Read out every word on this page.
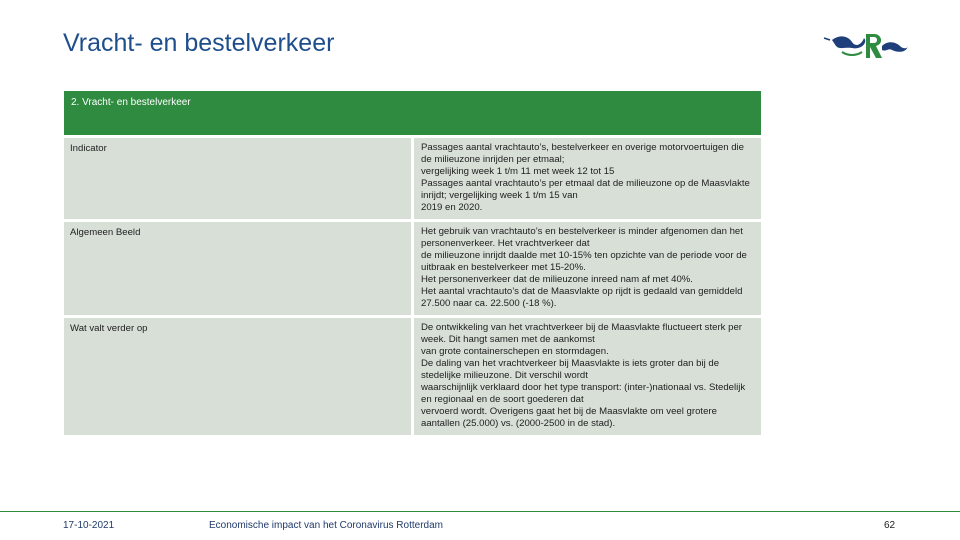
Vracht- en bestelverkeer
2. Vracht- en bestelverkeer	
Indicator	Passages aantal vrachtauto’s, bestelverkeer en overige motorvoertuigen die de milieuzone inrijden per etmaal;
vergelijking week 1 t/m 11 met week 12 tot 15
Passages aantal vrachtauto’s per etmaal dat de milieuzone op de Maasvlakte inrijdt; vergelijking week 1 t/m 15 van
2019 en 2020.

Algemeen Beeld	Het gebruik van vrachtauto’s en bestelverkeer is minder afgenomen dan het personenverkeer. Het vrachtverkeer dat
de milieuzone inrijdt daalde met 10-15% ten opzichte van de periode voor de uitbraak en bestelverkeer met 15-20%.
Het personenverkeer dat de milieuzone inreed nam af met 40%.
Het aantal vrachtauto’s dat de Maasvlakte op rijdt is gedaald van gemiddeld 27.500 naar ca. 22.500 (-18 %).

Wat valt verder op	De ontwikkeling van het vrachtverkeer bij de Maasvlakte fluctueert sterk per week. Dit hangt samen met de aankomst
van grote containerschepen en stormdagen.
De daling van het vrachtverkeer bij Maasvlakte is iets groter dan bij de stedelijke milieuzone. Dit verschil wordt
waarschijnlijk verklaard door het type transport: (inter-)nationaal vs. Stedelijk en regionaal en de soort goederen dat
vervoerd wordt. Overigens gaat het bij de Maasvlakte om veel grotere aantallen (25.000) vs. (2000-2500 in de stad).
17-10-2021	Economische impact van het Coronavirus Rotterdam	62
